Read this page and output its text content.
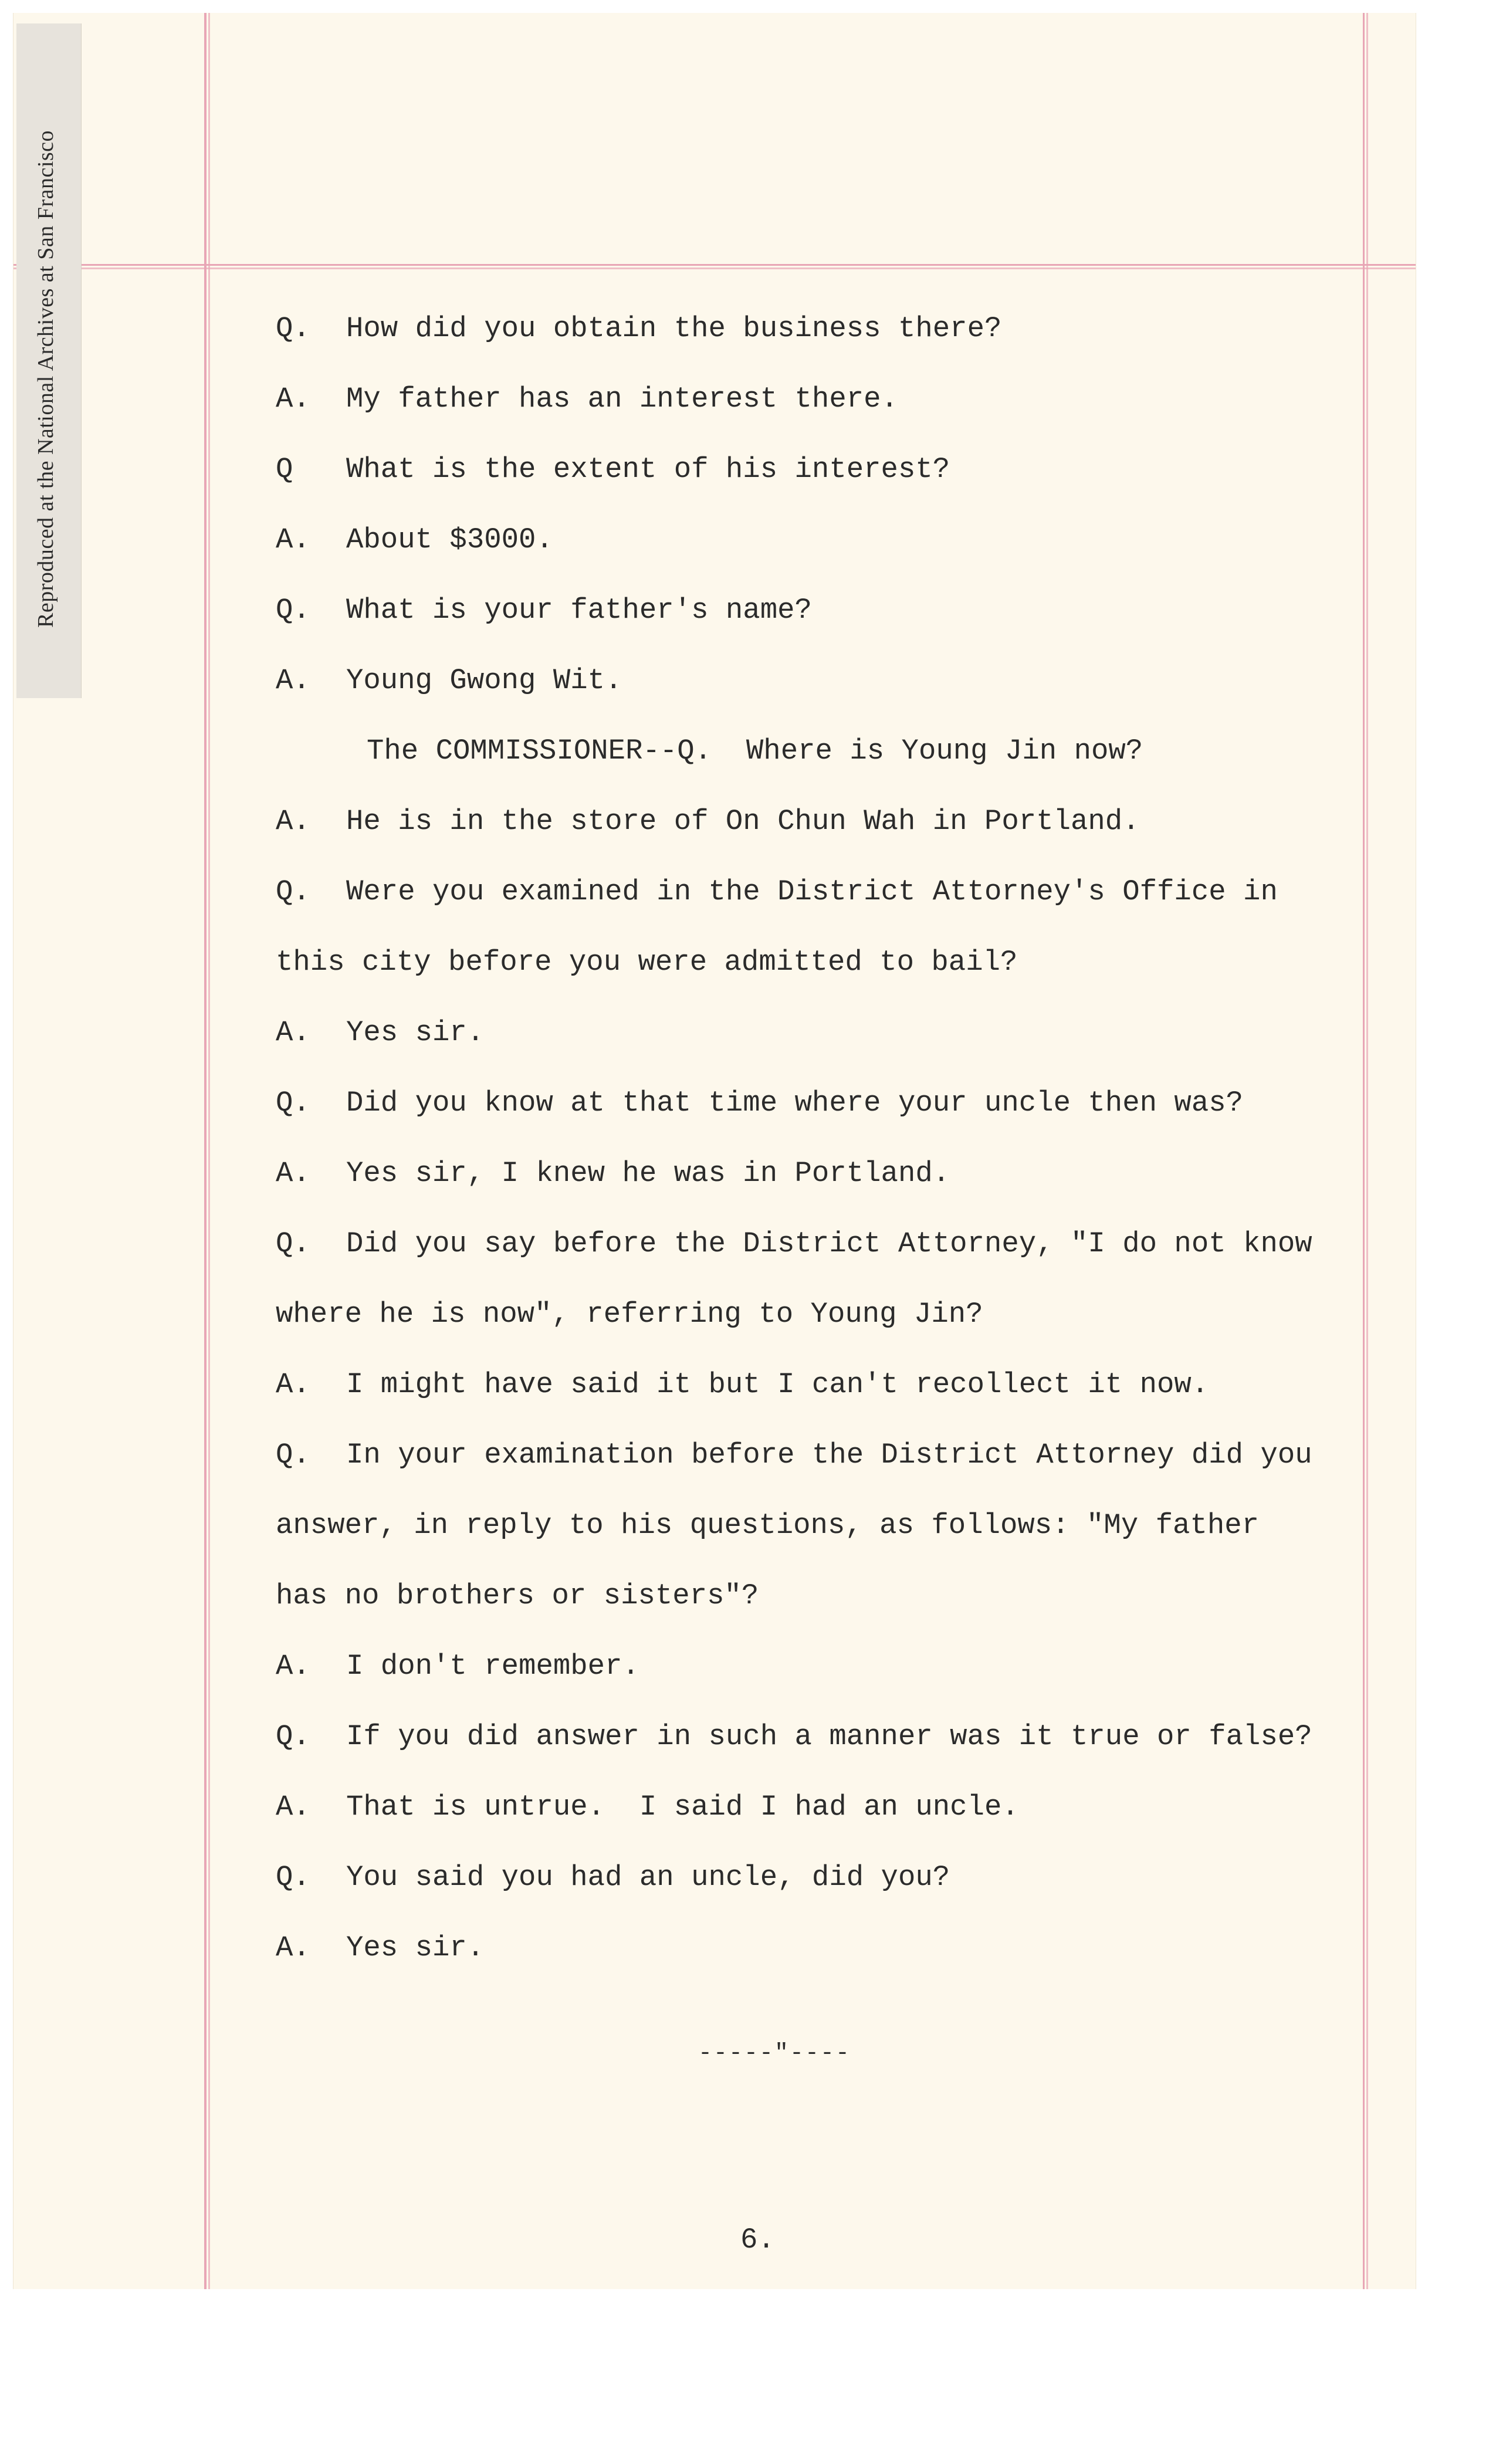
Reproduced at the National Archives at San Francisco	Q.	How did you obtain the business there?
A.	My father has an interest there.
Q	What is the extent of his interest?
A.	About $3000.
Q.	What is your father's name?
A.	Young Gwong Wit.
The COMMISSIONER--Q.  Where is Young Jin now?
A.	He is in the store of On Chun Wah in Portland.
Q.	Were you examined in the District Attorney's Office in
this city before you were admitted to bail?
A.	Yes sir.
Q.	Did you know at that time where your uncle then was?
A.	Yes sir, I knew he was in Portland.
Q.	Did you say before the District Attorney, "I do not know
where he is now", referring to Young Jin?
A.	I might have said it but I can't recollect it now.
Q.	In your examination before the District Attorney did you
answer, in reply to his questions, as follows: "My father
has no brothers or sisters"?
A.	I don't remember.
Q.	If you did answer in such a manner was it true or false?
A.	That is untrue.  I said I had an uncle.
Q.	You said you had an uncle, did you?
A.	Yes sir.
-----"----
6.
